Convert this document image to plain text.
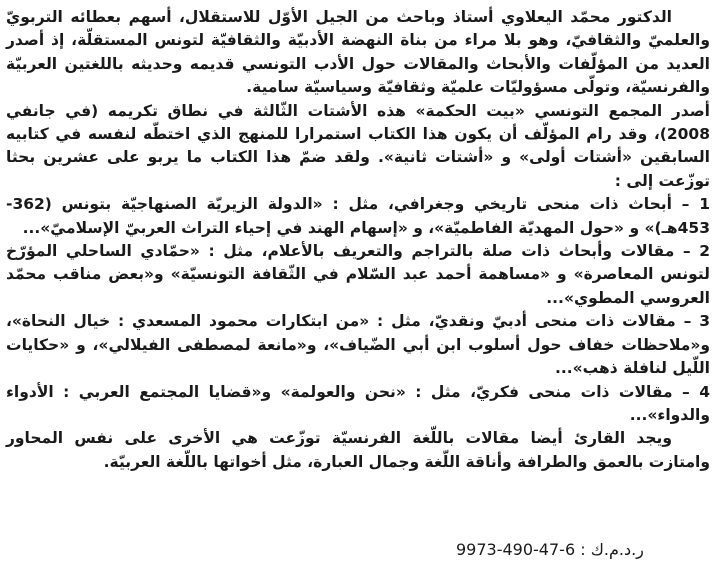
الدكتور محمّد اليعلاوي أستاذ وباحث من الجيل الأوّل للاستقلال، أسهم بعطائه التربويّ والعلميّ والثقافيّ، وهو بلا مراء من بناة النهضة الأدبيّة والثقافيّة لتونس المستقلّة، إذ أصدر العديد من المؤلّفات والأبحاث والمقالات حول الأدب التونسي قديمه وحديثه باللغتين العربيّة والفرنسيّة، وتولّى مسؤوليّات علميّة وثقافيّة وسياسيّة سامية.

أصدر المجمع التونسي «بيت الحكمة» هذه الأشتات الثّالثة في نطاق تكريمه (في جانفي 2008)، وقد رام المؤلّف أن يكون هذا الكتاب استمرارا للمنهج الذي اختطّه لنفسه في كتابيه السابقين «أشتات أولى» و «أشتات ثانية». ولقد ضمّ هذا الكتاب ما يربو على عشرين بحثا توزّعت إلى :

1 – أبحاث ذات منحى تاريخي وجغرافي، مثل : «الدولة الزيريّة الصنهاجيّة بتونس (362-453هـ)» و «حول المهديّة الفاطميّة»، و «إسهام الهند في إحياء التراث العربيّ الإسلاميّ»...

2 – مقالات وأبحاث ذات صلة بالتراجم والتعريف بالأعلام، مثل : «حمّادي الساحلي المؤرّخ لتونس المعاصرة» و «مساهمة أحمد عبد السّلام في الثّقافة التونسيّة» و«بعض مناقب محمّد العروسي المطوي»...

3 – مقالات ذات منحى أدبيّ ونقديّ، مثل : «من ابتكارات محمود المسعدي : خيال النحاة»، و«ملاحظات خفاف حول أسلوب ابن أبي الضّياف»، و«مانعة لمصطفى الفيلالي»، و «حكايات اللّيل لنافلة ذهب»...

4 – مقالات ذات منحى فكريّ، مثل : «نحن والعولمة» و«قضايا المجتمع العربي : الأدواء والدواء»...

ويجد القارئ أيضا مقالات باللّغة الفرنسيّة توزّعت هي الأخرى على نفس المحاور وامتازت بالعمق والطرافة وأناقة اللّغة وجمال العبارة، مثل أخواتها باللّغة العربيّة.

ر.د.م.ك : 9973-490-47-6
